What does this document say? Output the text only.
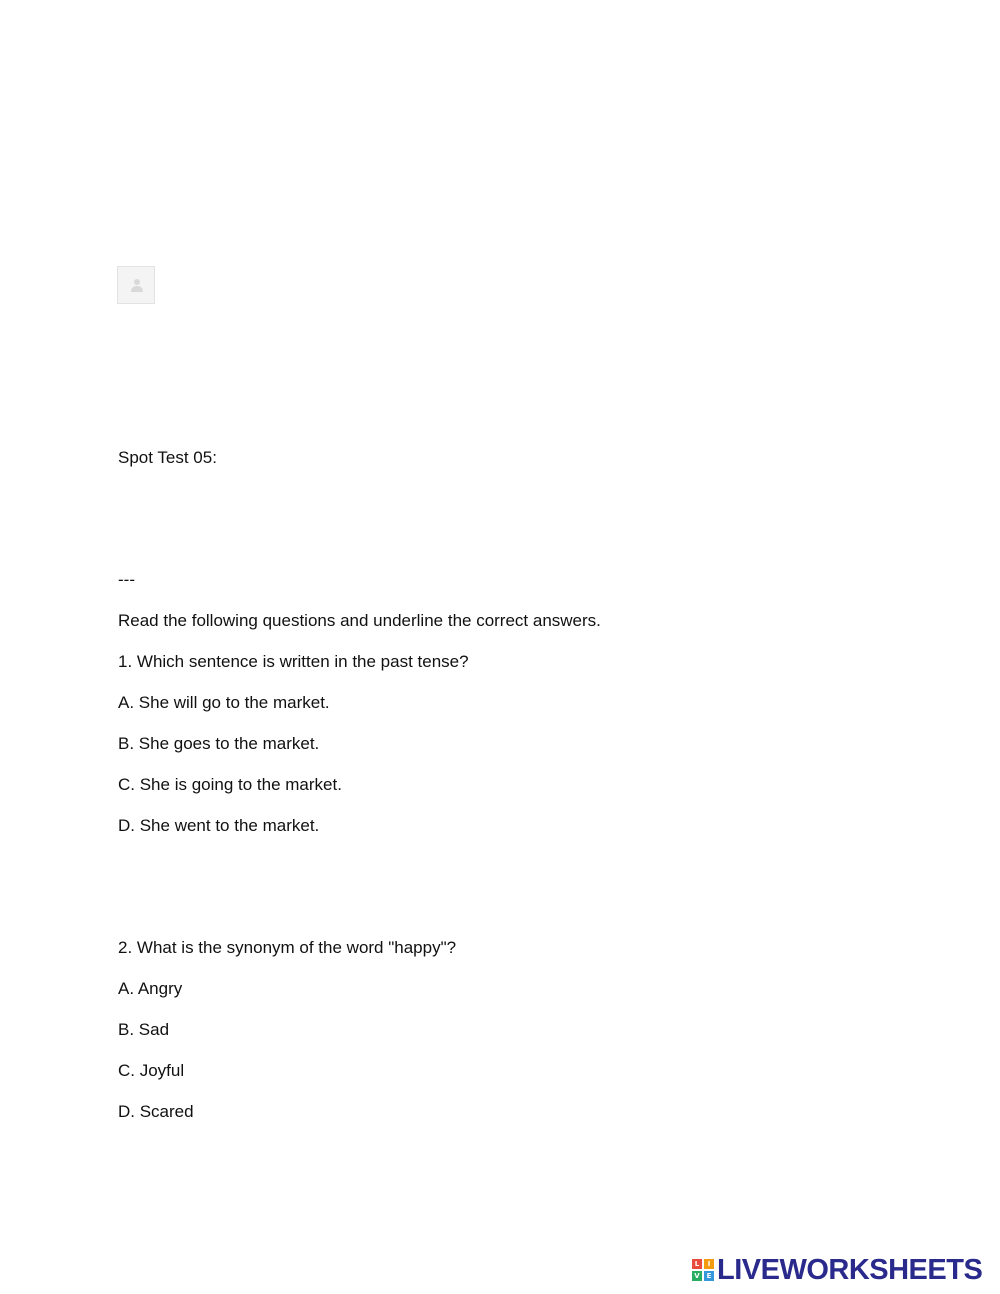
Spot Test 05:
---
Read the following questions and underline the correct answers.
1. Which sentence is written in the past tense?
A. She will go to the market.
B. She goes to the market.
C. She is going to the market.
D. She went to the market.
2. What is the synonym of the word "happy"?
A. Angry
B. Sad
C. Joyful
D. Scared
L	I
V E LIVEWORKSHEETS
